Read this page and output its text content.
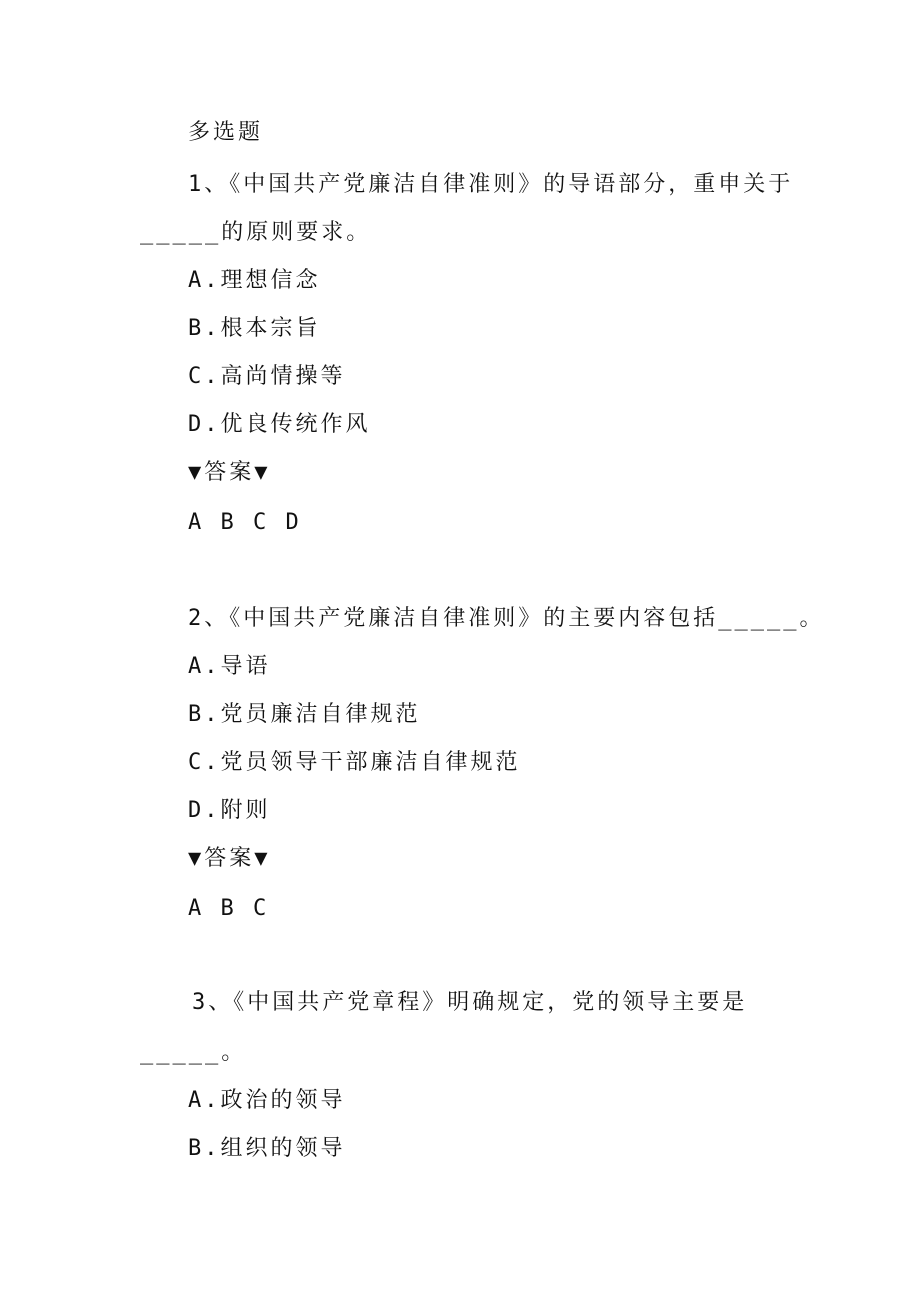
多选题
1、《中国共产党廉洁自律准则》的导语部分，重申关于
_____的原则要求。
A.理想信念
B.根本宗旨
C.高尚情操等
D.优良传统作风
▼答案▼
A B C D
2、《中国共产党廉洁自律准则》的主要内容包括_____。
A.导语
B.党员廉洁自律规范
C.党员领导干部廉洁自律规范
D.附则
▼答案▼
A B C
3、《中国共产党章程》明确规定，党的领导主要是
_____。
A.政治的领导
B.组织的领导
